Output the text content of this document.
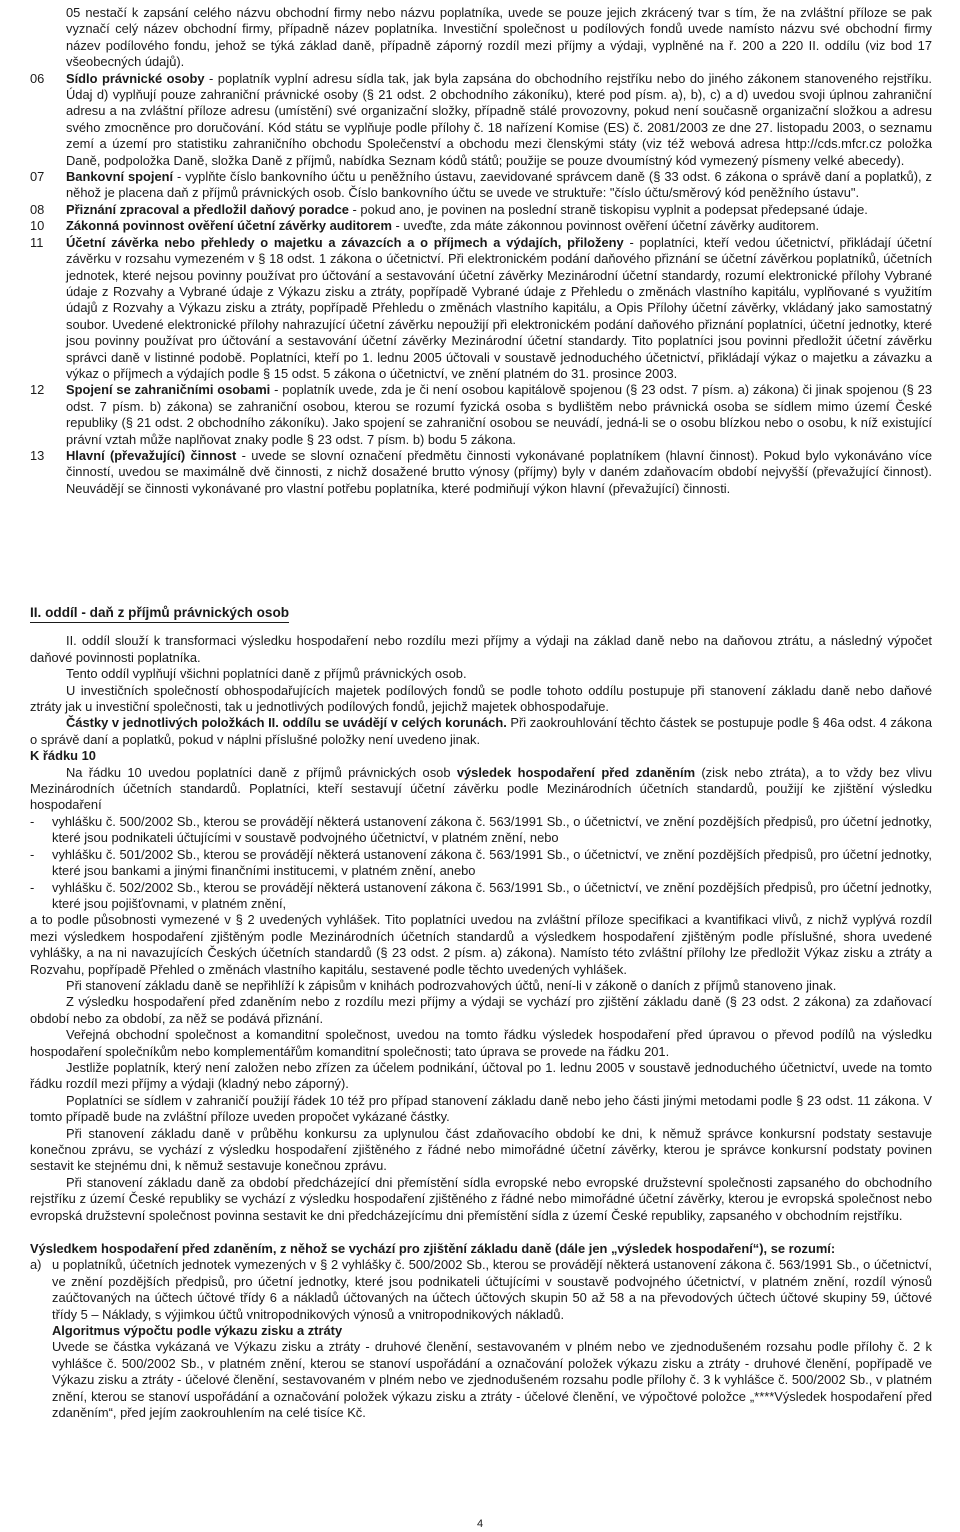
05 nestačí k zapsání celého názvu obchodní firmy nebo názvu poplatníka, uvede se pouze jejich zkrácený tvar s tím, že na zvláštní příloze se pak vyznačí celý název obchodní firmy, případně název poplatníka. Investiční společnost u podílových fondů uvede namísto názvu své obchodní firmy název podílového fondu, jehož se týká základ daně, případně záporný rozdíl mezi příjmy a výdaji, vyplněné na ř. 200 a 220 II. oddílu (viz bod 17 všeobecných údajů).
06	Sídlo právnické osoby - poplatník vyplní adresu sídla tak, jak byla zapsána do obchodního rejstříku nebo do jiného zákonem stanoveného rejstříku. Údaj d) vyplňují pouze zahraniční právnické osoby (§ 21 odst. 2 obchodního zákoníku), které pod písm. a), b), c) a d) uvedou svoji úplnou zahraniční adresu a na zvláštní příloze adresu (umístění) své organizační složky, případně stálé provozovny, pokud není současně organizační složkou a adresu svého zmocněnce pro doručování. Kód státu se vyplňuje podle přílohy č. 18 nařízení Komise (ES) č. 2081/2003 ze dne 27. listopadu 2003, o seznamu zemí a území pro statistiku zahraničního obchodu Společenství a obchodu mezi členskými státy (viz též webová adresa http://cds.mfcr.cz položka Daně, podpoložka Daně, složka Daně z příjmů, nabídka Seznam kódů států; použije se pouze dvoumístný kód vymezený písmeny velké abecedy).
07	Bankovní spojení - vyplňte číslo bankovního účtu u peněžního ústavu, zaevidované správcem daně (§ 33 odst. 6 zákona o správě daní a poplatků), z něhož je placena daň z příjmů právnických osob. Číslo bankovního účtu se uvede ve struktuře: "číslo účtu/směrový kód peněžního ústavu".
08	Přiznání zpracoval a předložil daňový poradce - pokud ano, je povinen na poslední straně tiskopisu vyplnit a podepsat předepsané údaje.
10	Zákonná povinnost ověření účetní závěrky auditorem - uveďte, zda máte zákonnou povinnost ověření účetní závěrky auditorem.
11	Účetní závěrka nebo přehledy o majetku a závazcích a o příjmech a výdajích, přiloženy - poplatníci, kteří vedou účetnictví, přikládají účetní závěrku v rozsahu vymezeném v § 18 odst. 1 zákona o účetnictví. Při elektronickém podání daňového přiznání se účetní závěrkou poplatníků, účetních jednotek, které nejsou povinny používat pro účtování a sestavování účetní závěrky Mezinárodní účetní standardy, rozumí elektronické přílohy Vybrané údaje z Rozvahy a Vybrané údaje z Výkazu zisku a ztráty, popřípadě Vybrané údaje z Přehledu o změnách vlastního kapitálu, vyplňované s využitím údajů z Rozvahy a Výkazu zisku a ztráty, popřípadě Přehledu o změnách vlastního kapitálu, a Opis Přílohy účetní závěrky, vkládaný jako samostatný soubor. Uvedené elektronické přílohy nahrazující účetní závěrku nepoužijí při elektronickém podání daňového přiznání poplatníci, účetní jednotky, které jsou povinny používat pro účtování a sestavování účetní závěrky Mezinárodní účetní standardy. Tito poplatníci jsou povinni předložit účetní závěrku správci daně v listinné podobě. Poplatníci, kteří po 1. lednu 2005 účtovali v soustavě jednoduchého účetnictví, přikládají výkaz o majetku a závazku a výkaz o příjmech a výdajích podle § 15 odst. 5 zákona o účetnictví, ve znění platném do 31. prosince 2003.
12	Spojení se zahraničními osobami - poplatník uvede, zda je či není osobou kapitálově spojenou (§ 23 odst. 7 písm. a) zákona) či jinak spojenou (§ 23 odst. 7 písm. b) zákona) se zahraniční osobou, kterou se rozumí fyzická osoba s bydlištěm nebo právnická osoba se sídlem mimo území České republiky (§ 21 odst. 2 obchodního zákoníku). Jako spojení se zahraniční osobou se neuvádí, jedná-li se o osobu blízkou nebo o osobu, k níž existující právní vztah může naplňovat znaky podle § 23 odst. 7 písm. b) bodu 5 zákona.
13	Hlavní (převažující) činnost - uvede se slovní označení předmětu činnosti vykonávané poplatníkem (hlavní činnost). Pokud bylo vykonáváno více činností, uvedou se maximálně dvě činnosti, z nichž dosažené brutto výnosy (příjmy) byly v daném zdaňovacím období nejvyšší (převažující činnost). Neuvádějí se činnosti vykonávané pro vlastní potřebu poplatníka, které podmiňují výkon hlavní (převažující) činnosti.
II. oddíl - daň z příjmů právnických osob

II. oddíl slouží k transformaci výsledku hospodaření nebo rozdílu mezi příjmy a výdaji na základ daně nebo na daňovou ztrátu, a následný výpočet daňové povinnosti poplatníka.

Tento oddíl vyplňují všichni poplatníci daně z příjmů právnických osob.

U investičních společností obhospodařujících majetek podílových fondů se podle tohoto oddílu postupuje při stanovení základu daně nebo daňové ztráty jak u investiční společnosti, tak u jednotlivých podílových fondů, jejichž majetek obhospodařuje.

Částky v jednotlivých položkách II. oddílu se uvádějí v celých korunách. Při zaokrouhlování těchto částek se postupuje podle § 46a odst. 4 zákona o správě daní a poplatků, pokud v náplni příslušné položky není uvedeno jinak.

K řádku 10

Na řádku 10 uvedou poplatníci daně z příjmů právnických osob výsledek hospodaření před zdaněním (zisk nebo ztráta), a to vždy bez vlivu Mezinárodních účetních standardů. Poplatníci, kteří sestavují účetní závěrku podle Mezinárodních účetních standardů, použijí ke zjištění výsledku hospodaření

-	vyhlášku č. 500/2002 Sb., kterou se provádějí některá ustanovení zákona č. 563/1991 Sb., o účetnictví, ve znění pozdějších předpisů, pro účetní jednotky, které jsou podnikateli účtujícími v soustavě podvojného účetnictví, v platném znění, nebo
-	vyhlášku č. 501/2002 Sb., kterou se provádějí některá ustanovení zákona č. 563/1991 Sb., o účetnictví, ve znění pozdějších předpisů, pro účetní jednotky, které jsou bankami a jinými finančními institucemi, v platném znění, anebo
-	vyhlášku č. 502/2002 Sb., kterou se provádějí některá ustanovení zákona č. 563/1991 Sb., o účetnictví, ve znění pozdějších předpisů, pro účetní jednotky, které jsou pojišťovnami, v platném znění,

a to podle působnosti vymezené v § 2 uvedených vyhlášek. Tito poplatníci uvedou na zvláštní příloze specifikaci a kvantifikaci vlivů, z nichž vyplývá rozdíl mezi výsledkem hospodaření zjištěným podle Mezinárodních účetních standardů a výsledkem hospodaření zjištěným podle příslušné, shora uvedené vyhlášky, a na ni navazujících Českých účetních standardů (§ 23 odst. 2 písm. a) zákona). Namísto této zvláštní přílohy lze předložit Výkaz zisku a ztráty a Rozvahu, popřípadě Přehled o změnách vlastního kapitálu, sestavené podle těchto uvedených vyhlášek.

Při stanovení základu daně se nepřihlíží k zápisům v knihách podrozvahových účtů, není-li v zákoně o daních z příjmů stanoveno jinak.

Z výsledku hospodaření před zdaněním nebo z rozdílu mezi příjmy a výdaji se vychází pro zjištění základu daně (§ 23 odst. 2 zákona) za zdaňovací období nebo za období, za něž se podává přiznání.

Veřejná obchodní společnost a komanditní společnost, uvedou na tomto řádku výsledek hospodaření před úpravou o převod podílů na výsledku hospodaření společníkům nebo komplementářům komanditní společnosti; tato úprava se provede na řádku 201.

Jestliže poplatník, který není založen nebo zřízen za účelem podnikání, účtoval po 1. lednu 2005 v soustavě jednoduchého účetnictví, uvede na tomto řádku rozdíl mezi příjmy a výdaji (kladný nebo záporný).

Poplatníci se sídlem v zahraničí použijí řádek 10 též pro případ stanovení základu daně nebo jeho části jinými metodami podle § 23 odst. 11 zákona. V tomto případě bude na zvláštní příloze uveden propočet vykázané částky.

Při stanovení základu daně v průběhu konkursu za uplynulou část zdaňovacího období ke dni, k němuž správce konkursní podstaty sestavuje konečnou zprávu, se vychází z výsledku hospodaření zjištěného z řádné nebo mimořádné účetní závěrky, kterou je správce konkursní podstaty povinen sestavit ke stejnému dni, k němuž sestavuje konečnou zprávu.

Při stanovení základu daně za období předcházející dni přemístění sídla evropské nebo evropské družstevní společnosti zapsaného do obchodního rejstříku z území České republiky se vychází z výsledku hospodaření zjištěného z řádné nebo mimořádné účetní závěrky, kterou je evropská společnost nebo evropská družstevní společnost povinna sestavit ke dni předcházejícímu dni přemístění sídla z území České republiky, zapsaného v obchodním rejstříku.

Výsledkem hospodaření před zdaněním, z něhož se vychází pro zjištění základu daně (dále jen „výsledek hospodaření“), se rozumí:

a) u poplatníků, účetních jednotek vymezených v § 2 vyhlášky č. 500/2002 Sb., kterou se provádějí některá ustanovení zákona č. 563/1991 Sb., o účetnictví, ve znění pozdějších předpisů, pro účetní jednotky, které jsou podnikateli účtujícími v soustavě podvojného účetnictví, v platném znění, rozdíl výnosů zaúčtovaných na účtech účtové třídy 6 a nákladů účtovaných na účtech účtových skupin 50 až 58 a na převodových účtech účtové skupiny 59, účtové třídy 5 – Náklady, s výjimkou účtů vnitropodnikových výnosů a vnitropodnikových nákladů.
Algoritmus výpočtu podle výkazu zisku a ztráty
Uvede se částka vykázaná ve Výkazu zisku a ztráty - druhové členění, sestavovaném v plném nebo ve zjednodušeném rozsahu podle přílohy č. 2 k vyhlášce č. 500/2002 Sb., v platném znění, kterou se stanoví uspořádání a označování položek výkazu zisku a ztráty - druhové členění, popřípadě ve Výkazu zisku a ztráty - účelové členění, sestavovaném v plném nebo ve zjednodušeném rozsahu podle přílohy č. 3 k vyhlášce č. 500/2002 Sb., v platném znění, kterou se stanoví uspořádání a označování položek výkazu zisku a ztráty - účelové členění, ve výpočtové položce „****Výsledek hospodaření před zdaněním“, před jejím zaokrouhlením na celé tisíce Kč.
4
